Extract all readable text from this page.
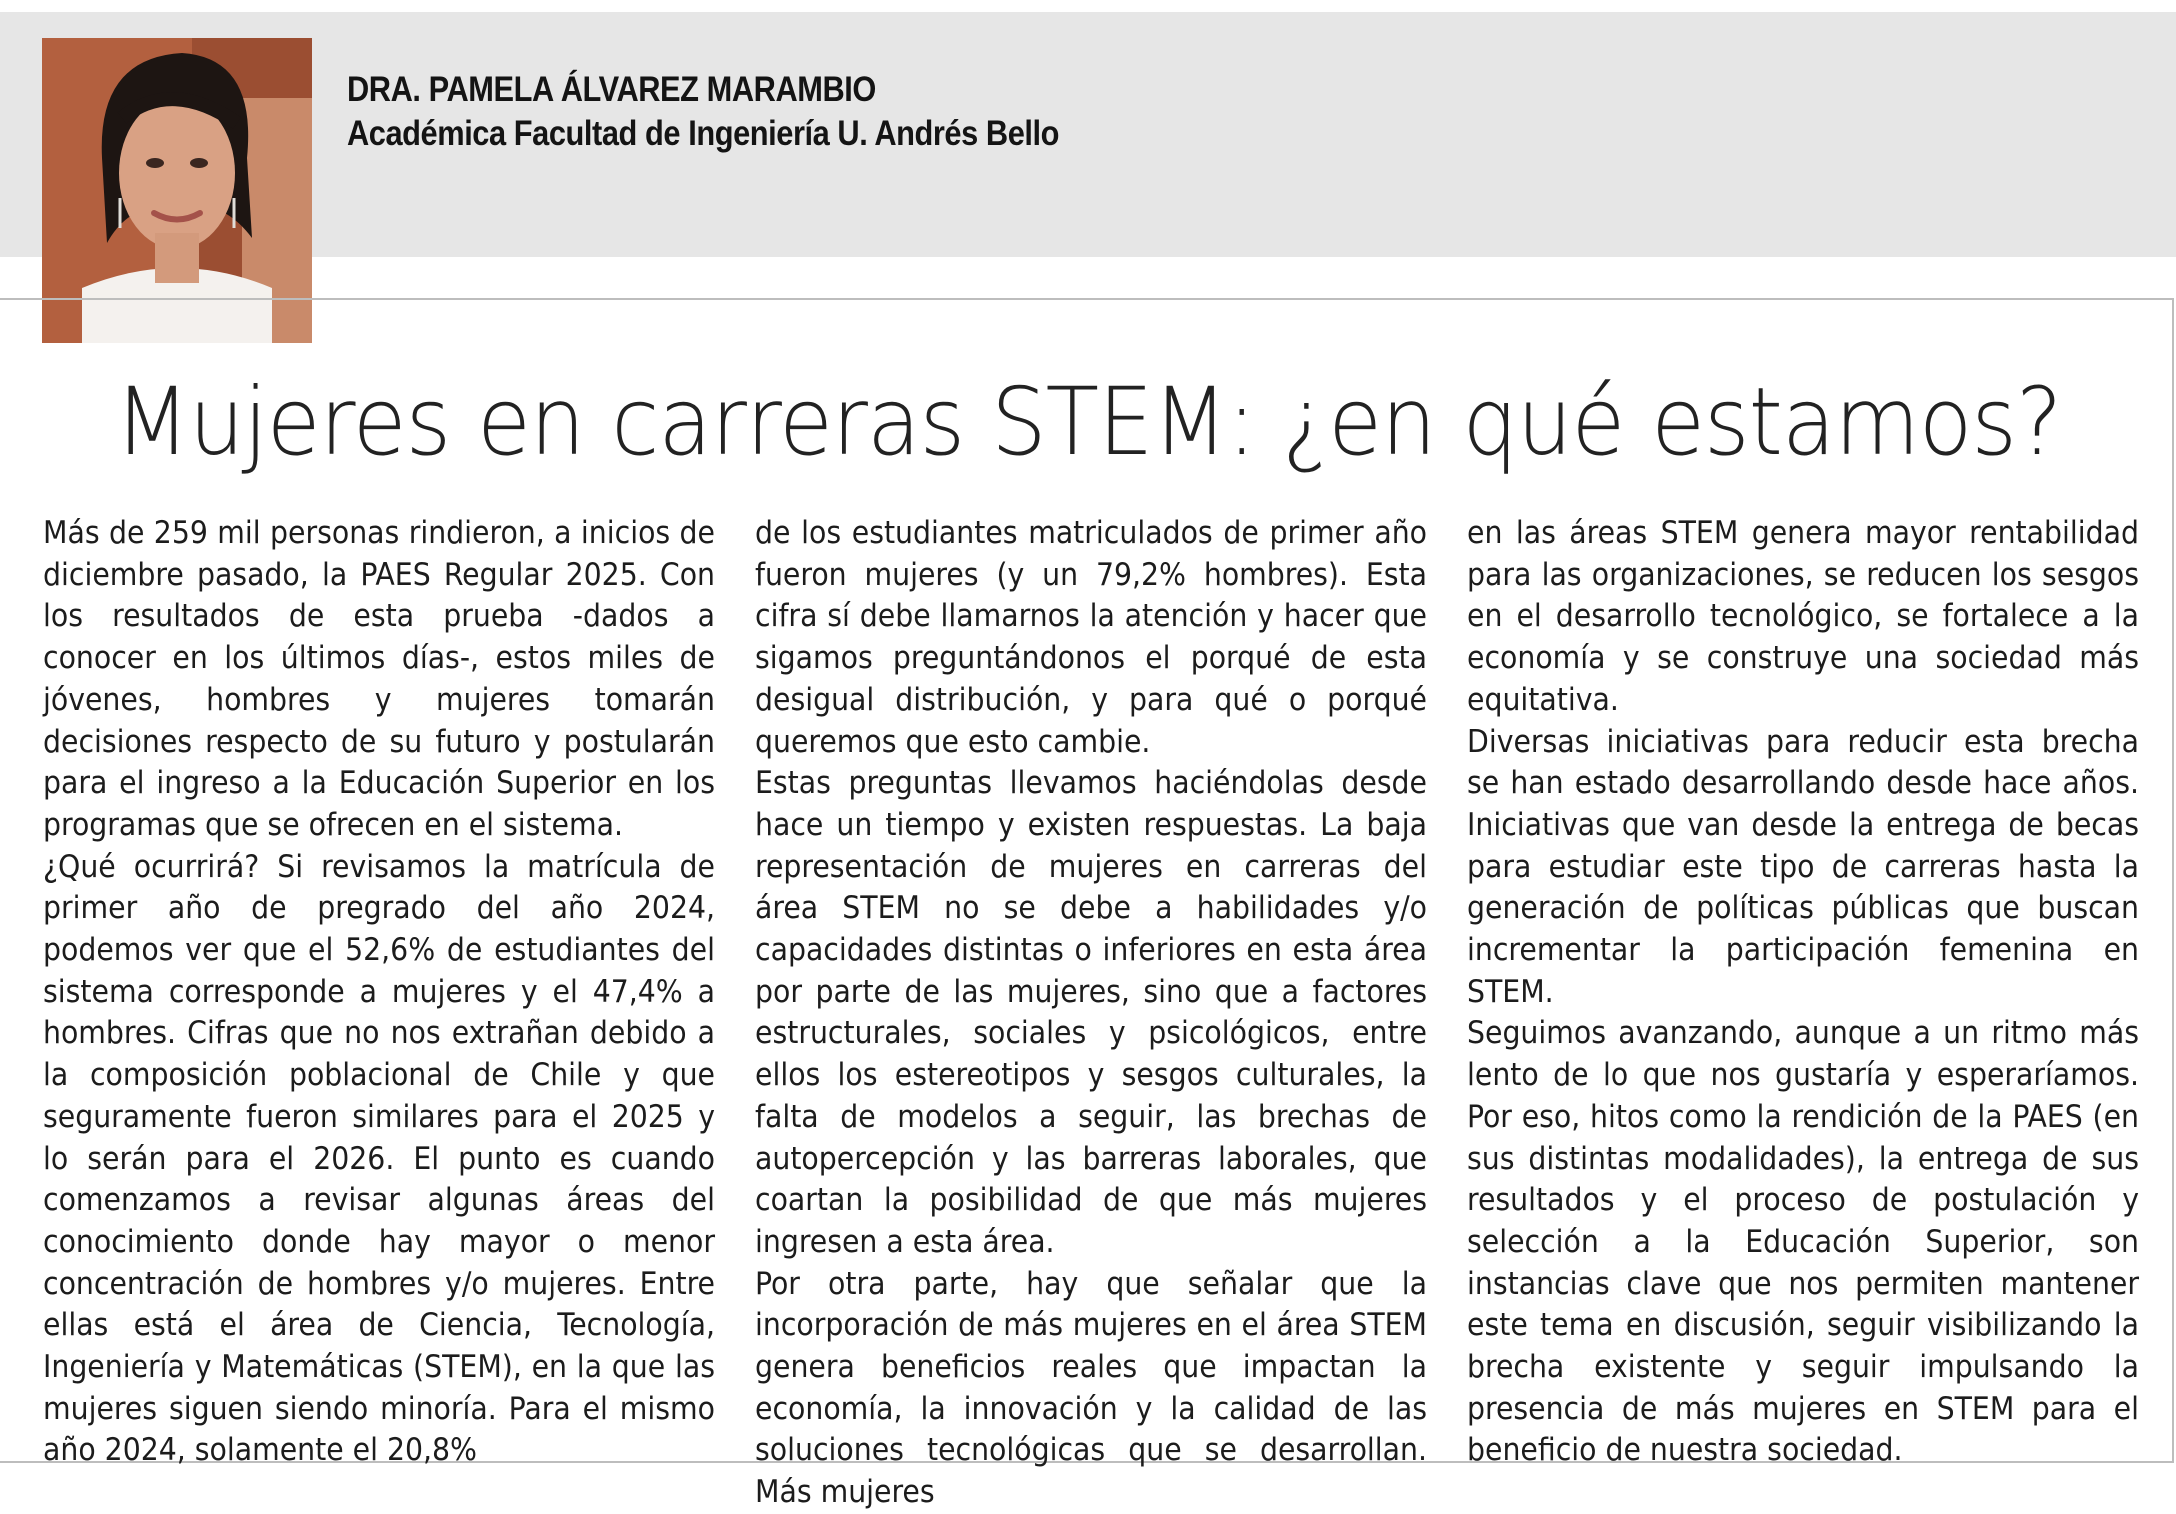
DRA. PAMELA ÁLVAREZ MARAMBIO
Académica Facultad de Ingeniería U. Andrés Bello
Mujeres en carreras STEM: ¿en qué estamos?

Más de 259 mil personas rindieron, a inicios de diciembre pasado, la PAES Regular 2025. Con los resultados de esta prueba -dados a conocer en los últimos días-, estos miles de jóvenes, hombres y mujeres tomarán decisiones respecto de su futuro y postularán para el ingreso a la Educación Superior en los programas que se ofrecen en el sistema.

¿Qué ocurrirá? Si revisamos la matrícula de primer año de pregrado del año 2024, podemos ver que el 52,6% de estudiantes del sistema corresponde a mujeres y el 47,4% a hombres. Cifras que no nos extrañan debido a la composición poblacional de Chile y que seguramente fueron similares para el 2025 y lo serán para el 2026. El punto es cuando comenzamos a revisar algunas áreas del conocimiento donde hay mayor o menor concentración de hombres y/o mujeres. Entre ellas está el área de Ciencia, Tecnología, Ingeniería y Matemáticas (STEM), en la que las mujeres siguen siendo minoría. Para el mismo año 2024, solamente el 20,8%

de los estudiantes matriculados de primer año fueron mujeres (y un 79,2% hombres). Esta cifra sí debe llamarnos la atención y hacer que sigamos preguntándonos el porqué de esta desigual distribución, y para qué o porqué queremos que esto cambie.

Estas preguntas llevamos haciéndolas desde hace un tiempo y existen respuestas. La baja representación de mujeres en carreras del área STEM no se debe a habilidades y/o capacidades distintas o inferiores en esta área por parte de las mujeres, sino que a factores estructurales, sociales y psicológicos, entre ellos los estereotipos y sesgos culturales, la falta de modelos a seguir, las brechas de autopercepción y las barreras laborales, que coartan la posibilidad de que más mujeres ingresen a esta área.

Por otra parte, hay que señalar que la incorporación de más mujeres en el área STEM genera beneficios reales que impactan la economía, la innovación y la calidad de las soluciones tecnológicas que se desarrollan. Más mujeres

en las áreas STEM genera mayor rentabilidad para las organizaciones, se reducen los sesgos en el desarrollo tecnológico, se fortalece a la economía y se construye una sociedad más equitativa.

Diversas iniciativas para reducir esta brecha se han estado desarrollando desde hace años. Iniciativas que van desde la entrega de becas para estudiar este tipo de carreras hasta la generación de políticas públicas que buscan incrementar la participación femenina en STEM.

Seguimos avanzando, aunque a un ritmo más lento de lo que nos gustaría y esperaríamos. Por eso, hitos como la rendición de la PAES (en sus distintas modalidades), la entrega de sus resultados y el proceso de postulación y selección a la Educación Superior, son instancias clave que nos permiten mantener este tema en discusión, seguir visibilizando la brecha existente y seguir impulsando la presencia de más mujeres en STEM para el beneficio de nuestra sociedad.
